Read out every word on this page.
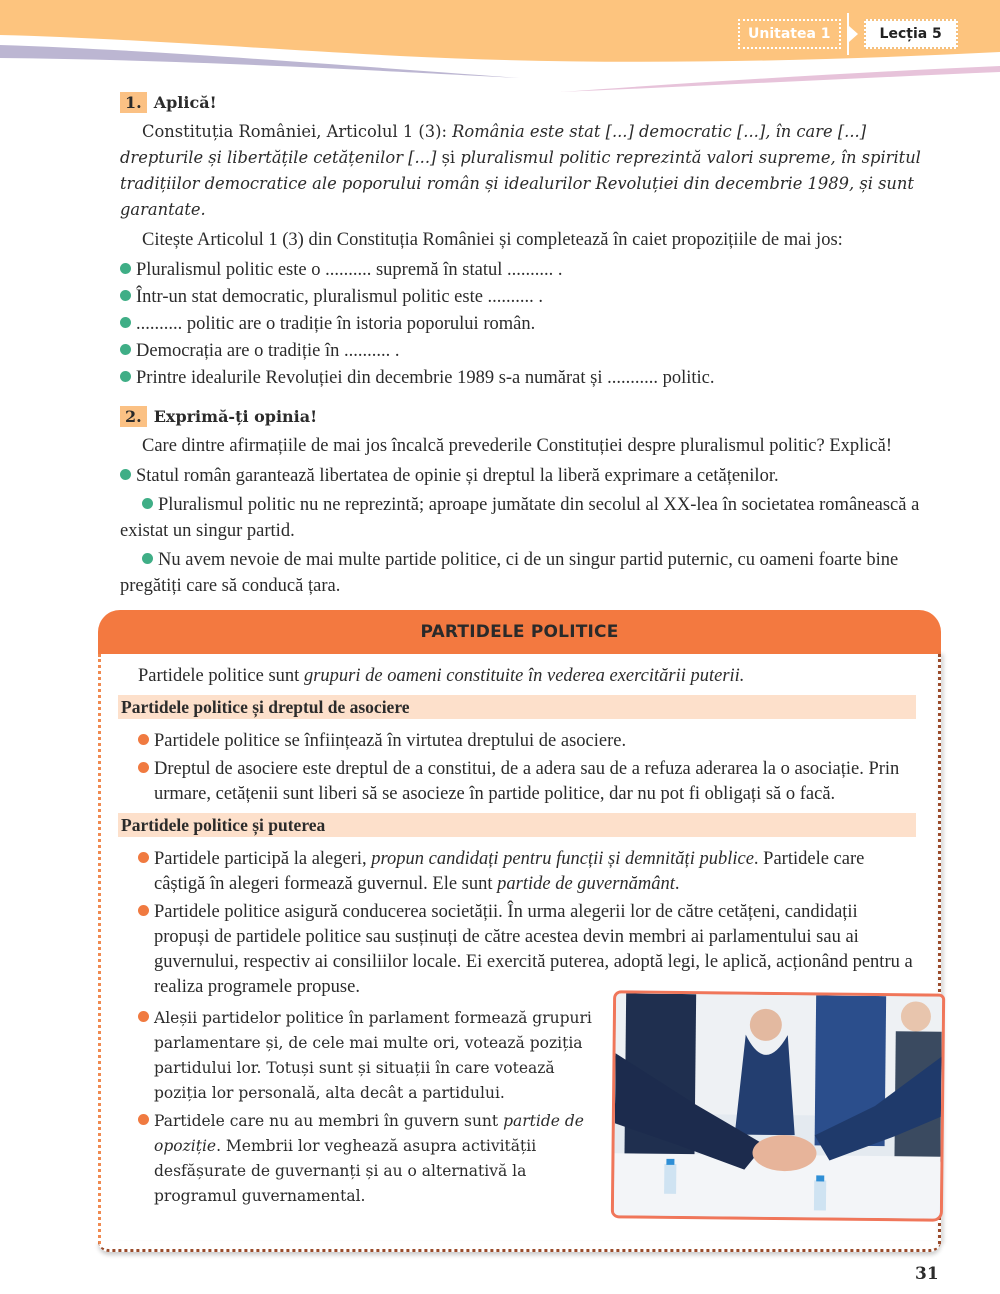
Unitatea 1	Lecția 5
1. Aplică!

Constituția României, Articolul 1 (3): România este stat [...] democratic [...], în care [...] drepturile și libertățile cetățenilor [...] și pluralismul politic reprezintă valori supreme, în spiritul tradițiilor democratice ale poporului român și idealurilor Revoluției din decembrie 1989, și sunt garantate.

Citește Articolul 1 (3) din Constituția României și completează în caiet propozițiile de mai jos:

Pluralismul politic este o .......... supremă în statul .......... .
Într-un stat democratic, pluralismul politic este .......... .
.......... politic are o tradiție în istoria poporului român.
Democrația are o tradiție în .......... .
Printre idealurile Revoluției din decembrie 1989 s-a numărat și ........... politic.
2. Exprimă-ți opinia!

Care dintre afirmațiile de mai jos încalcă prevederile Constituției despre pluralismul politic? Explică!

Statul român garantează libertatea de opinie și dreptul la liberă exprimare a cetățenilor.

Pluralismul politic nu ne reprezintă; aproape jumătate din secolul al XX-lea în societatea românească a existat un singur partid.

Nu avem nevoie de mai multe partide politice, ci de un singur partid puternic, cu oameni foarte bine pregătiți care să conducă țara.

PARTIDELE POLITICE

Partidele politice sunt grupuri de oameni constituite în vederea exercitării puterii.

Partidele politice și dreptul de asociere
Partidele politice se înființează în virtutea dreptului de asociere.
Dreptul de asociere este dreptul de a constitui, de a adera sau de a refuza aderarea la o asociație. Prin urmare, cetățenii sunt liberi să se asocieze în partide politice, dar nu pot fi obligați să o facă.
Partidele politice și puterea
Partidele participă la alegeri, propun candidați pentru funcții și demnități publice. Partidele care câștigă în alegeri formează guvernul. Ele sunt partide de guvernământ.
Partidele politice asigură conducerea societății. În urma alegerii lor de către cetățeni, candidații propuși de partidele politice sau susținuți de către acestea devin membri ai parlamentului sau ai guvernului, respectiv ai consiliilor locale. Ei exercită puterea, adoptă legi, le aplică, acționând pentru a realiza programele propuse.
Aleșii partidelor politice în parlament formează grupuri parlamentare și, de cele mai multe ori, votează poziția partidului lor. Totuși sunt și situații în care votează poziția lor personală, alta decât a partidului.
Partidele care nu au membri în guvern sunt partide de opoziție. Membrii lor veghează asupra activității desfășurate de guvernanți și au o alternativă la programul guvernamental.
31
